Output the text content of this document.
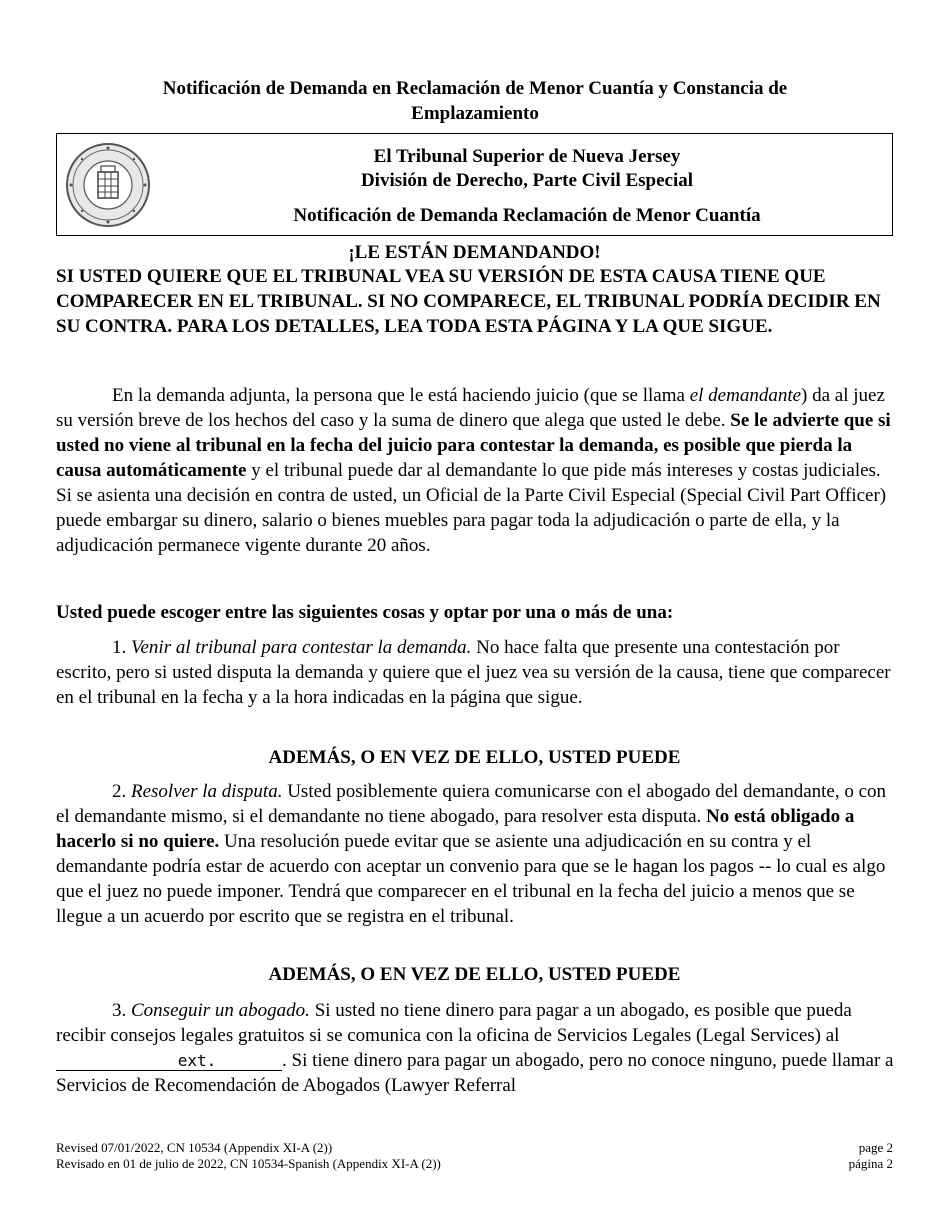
Notificación de Demanda en Reclamación de Menor Cuantía y Constancia de
Emplazamiento
El Tribunal Superior de Nueva Jersey
División de Derecho, Parte Civil Especial
Notificación de Demanda Reclamación de Menor Cuantía
¡LE ESTÁN DEMANDANDO!
SI USTED QUIERE QUE EL TRIBUNAL VEA SU VERSIÓN DE ESTA CAUSA TIENE QUE COMPARECER EN EL TRIBUNAL. SI NO COMPARECE, EL TRIBUNAL PODRÍA DECIDIR EN SU CONTRA. PARA LOS DETALLES, LEA TODA ESTA PÁGINA Y LA QUE SIGUE.
En la demanda adjunta, la persona que le está haciendo juicio (que se llama el demandante) da al juez su versión breve de los hechos del caso y la suma de dinero que alega que usted le debe. Se le advierte que si usted no viene al tribunal en la fecha del juicio para contestar la demanda, es posible que pierda la causa automáticamente y el tribunal puede dar al demandante lo que pide más intereses y costas judiciales. Si se asienta una decisión en contra de usted, un Oficial de la Parte Civil Especial (Special Civil Part Officer) puede embargar su dinero, salario o bienes muebles para pagar toda la adjudicación o parte de ella, y la adjudicación permanece vigente durante 20 años.
Usted puede escoger entre las siguientes cosas y optar por una o más de una:
1. Venir al tribunal para contestar la demanda. No hace falta que presente una contestación por escrito, pero si usted disputa la demanda y quiere que el juez vea su versión de la causa, tiene que comparecer en el tribunal en la fecha y a la hora indicadas en la página que sigue.
ADEMÁS, O EN VEZ DE ELLO, USTED PUEDE
2. Resolver la disputa. Usted posiblemente quiera comunicarse con el abogado del demandante, o con el demandante mismo, si el demandante no tiene abogado, para resolver esta disputa. No está obligado a hacerlo si no quiere. Una resolución puede evitar que se asiente una adjudicación en su contra y el demandante podría estar de acuerdo con aceptar un convenio para que se le hagan los pagos -- lo cual es algo que el juez no puede imponer. Tendrá que comparecer en el tribunal en la fecha del juicio a menos que se llegue a un acuerdo por escrito que se registra en el tribunal.
ADEMÁS, O EN VEZ DE ELLO, USTED PUEDE
3. Conseguir un abogado. Si usted no tiene dinero para pagar a un abogado, es posible que pueda recibir consejos legales gratuitos si se comunica con la oficina de Servicios Legales (Legal Services) al ext.	. Si tiene dinero para pagar un abogado, pero no conoce ninguno, puede llamar a Servicios de Recomendación de Abogados (Lawyer Referral
Revised 07/01/2022, CN 10534 (Appendix XI-A (2))
Revisado en 01 de julio de 2022, CN 10534-Spanish (Appendix XI-A (2))
page 2
página 2
